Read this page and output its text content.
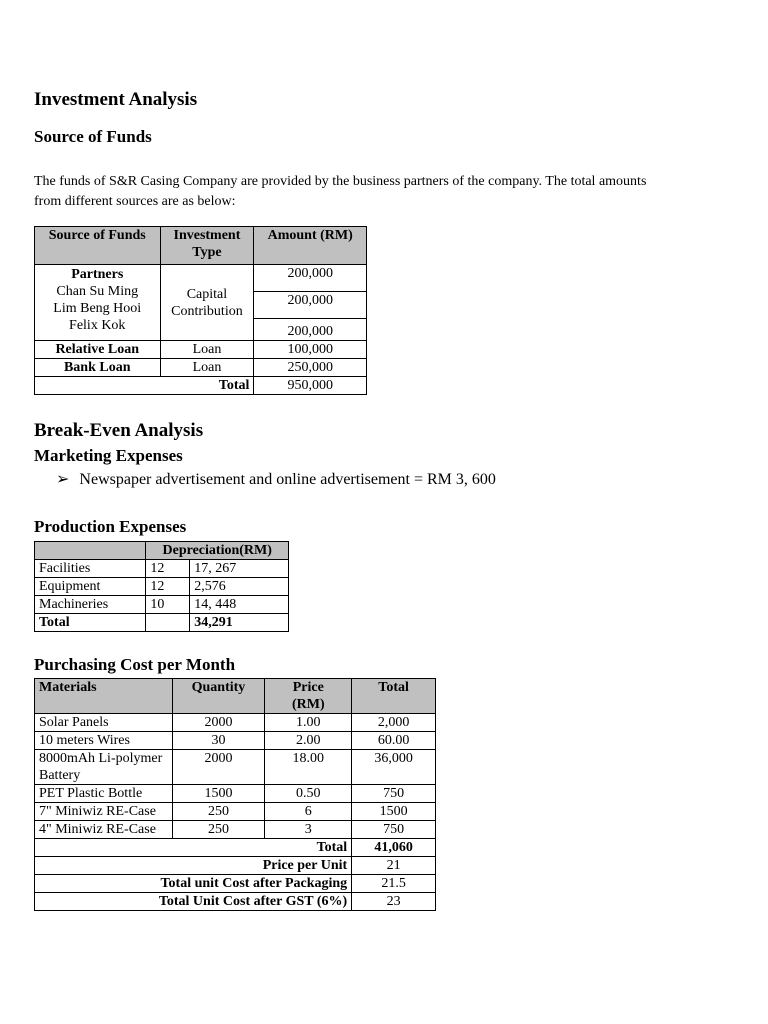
Investment Analysis
Source of Funds

The funds of S&R Casing Company are provided by the business partners of the company. The total amounts

from different sources are as below:

Source of Funds	Investment Type	Amount (RM)

Partners
Chan Su Ming
Lim Beng Hooi
Felix Kok	Capital Contribution	200,000
		200,000
		200,000
Relative Loan	Loan	100,000
Bank Loan	Loan	250,000
Total		950,000
Break-Even Analysis
Marketing Expenses
➢ Newspaper advertisement and online advertisement = RM 3, 600
Production Expenses
	Depreciation(RM)	
Facilities	12	17, 267
Equipment	12	2,576
Machineries	10	14, 448
Total		34,291
Purchasing Cost per Month
Materials	Quantity	Price (RM)	Total
Solar Panels	2000	1.00	2,000
10 meters Wires	30	2.00	60.00
8000mAh Li-polymer Battery	2000	18.00	36,000
PET Plastic Bottle	1500	0.50	750
7" Miniwiz RE-Case	250	6	1500
4" Miniwiz RE-Case	250	3	750
Total			41,060
Price per Unit			21
Total unit Cost after Packaging			21.5
Total Unit Cost after GST (6%)			23
